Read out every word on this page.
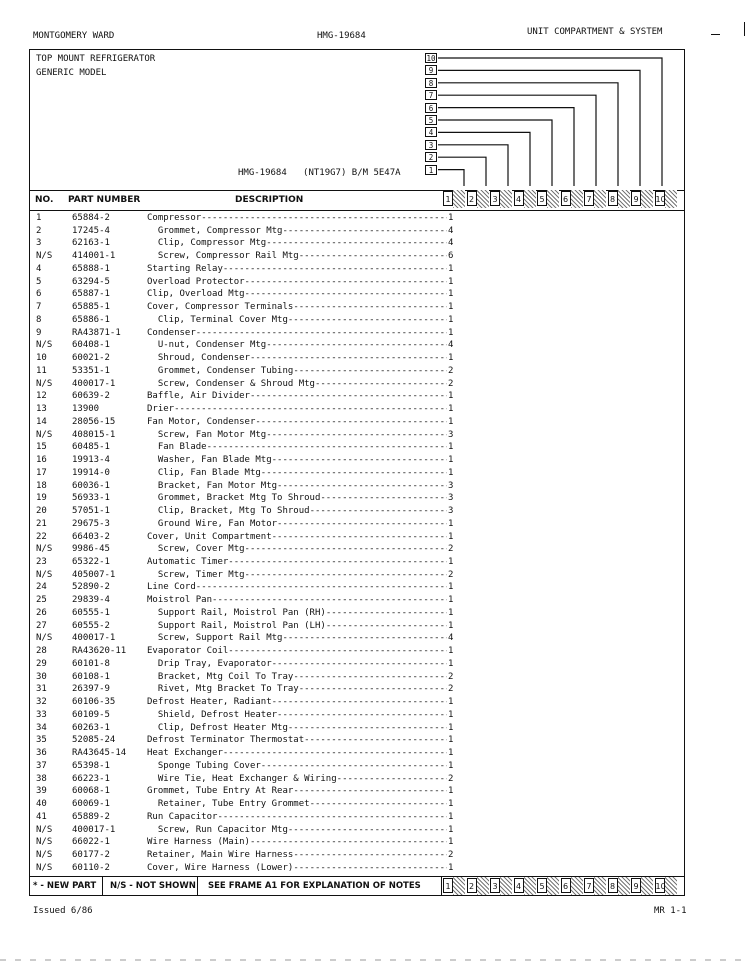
MONTGOMERY WARD	HMG-19684	UNIT COMPARTMENT & SYSTEM
TOP MOUNT REFRIGERATOR
GENERIC MODEL
HMG-19684   (NT19G7) B/M 5E47A
10
9
8
7
6
5
4
3
2
1
NO. PART NUMBER	DESCRIPTION	1	2	3	4	5	6	7	8	9	10
1	65884-2	Compressor -----	1
2	17245-4	Grommet, Compressor Mtg -----	4
3	62163-1	Clip, Compressor Mtg -----	4
N/S	414001-1	Screw, Compressor Rail Mtg -----	6
4	65888-1	Starting Relay -----	1
5	63294-5	Overload Protector -----	1
6	65887-1	Clip, Overload Mtg -----	1
7	65885-1	Cover, Compressor Terminals -----	1
8	65886-1	Clip, Terminal Cover Mtg -----	1
9	RA43871-1	Condenser -----	1
N/S	60408-1	U-nut, Condenser Mtg -----	4
10	60021-2	Shroud, Condenser -----	1
11	53351-1	Grommet, Condenser Tubing -----	2
N/S	400017-1	Screw, Condenser & Shroud Mtg -----	2
12	60639-2	Baffle, Air Divider -----	1
13	13900	Drier -----	1
14	28056-15	Fan Motor, Condenser -----	1
N/S	408015-1	Screw, Fan Motor Mtg -----	3
15	60485-1	Fan Blade -----	1
16	19913-4	Washer, Fan Blade Mtg -----	1
17	19914-0	Clip, Fan Blade Mtg -----	1
18	60036-1	Bracket, Fan Motor Mtg -----	3
19	56933-1	Grommet, Bracket Mtg To Shroud -----	3
20	57051-1	Clip, Bracket, Mtg To Shroud -----	3
21	29675-3	Ground Wire, Fan Motor -----	1
22	66403-2	Cover, Unit Compartment -----	1
N/S	9986-45	Screw, Cover Mtg -----	2
23	65322-1	Automatic Timer -----	1
N/S	405007-1	Screw, Timer Mtg -----	2
24	52890-2	Line Cord -----	1
25	29839-4	Moistrol Pan -----	1
26	60555-1	Support Rail, Moistrol Pan (RH) -----	1
27	60555-2	Support Rail, Moistrol Pan (LH) -----	1
N/S	400017-1	Screw, Support Rail Mtg -----	4
28	RA43620-11 Evaporator Coil -----	1
29	60101-8	Drip Tray, Evaporator -----	1
30	60108-1	Bracket, Mtg Coil To Tray -----	2
31	26397-9	Rivet, Mtg Bracket To Tray -----	2
32	60106-35	Defrost Heater, Radiant -----	1
33	60109-5	Shield, Defrost Heater -----	1
34	60263-1	Clip, Defrost Heater Mtg -----	1
35	52085-24	Defrost Terminator Thermostat -----	1
36	RA43645-14 Heat Exchanger -----	1
37	65398-1	Sponge Tubing Cover -----	1
38	66223-1	Wire Tie, Heat Exchanger & Wiring -----	2
39	60068-1	Grommet, Tube Entry At Rear -----	1
40	60069-1	Retainer, Tube Entry Grommet -----	1
41	65889-2	Run Capacitor -----	1
N/S	400017-1	Screw, Run Capacitor Mtg -----	1
N/S	66022-1	Wire Harness (Main) -----	1
N/S	60177-2	Retainer, Main Wire Harness -----	2
N/S	60110-2	Cover, Wire Harness (Lower) -----	1
* - NEW PART	N/S - NOT SHOWN	SEE FRAME A1 FOR EXPLANATION OF NOTES	1	2	3	4	5	6	7	8	9	10
Issued 6/86	MR 1-1
